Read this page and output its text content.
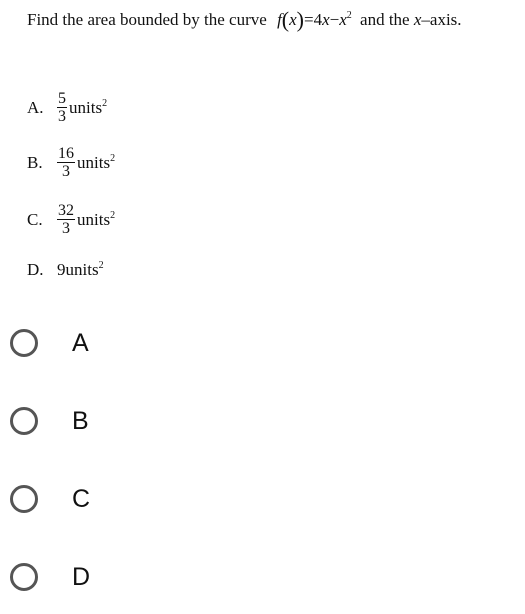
Find the area bounded by the curve $f(x)=4x-x^2$ and the x–axis.
A. $\frac{5}{3}$ units$^2$
B. $\frac{16}{3}$ units$^2$
C. $\frac{32}{3}$ units$^2$
D. 9units$^2$
A
B
C
D
